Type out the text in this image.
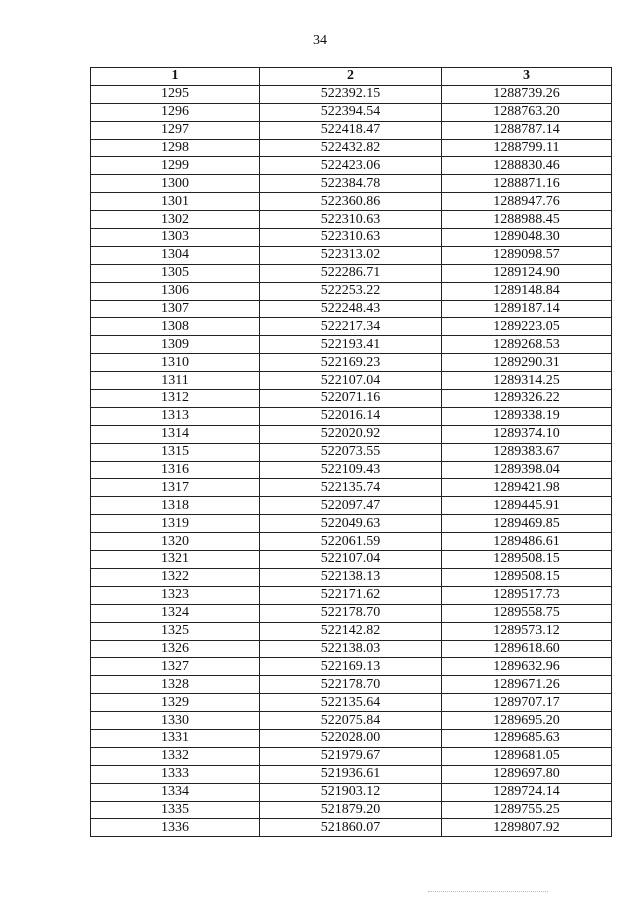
34
1	2	3
1295	522392.15	1288739.26
1296	522394.54	1288763.20
1297	522418.47	1288787.14
1298	522432.82	1288799.11
1299	522423.06	1288830.46
1300	522384.78	1288871.16
1301	522360.86	1288947.76
1302	522310.63	1288988.45
1303	522310.63	1289048.30
1304	522313.02	1289098.57
1305	522286.71	1289124.90
1306	522253.22	1289148.84
1307	522248.43	1289187.14
1308	522217.34	1289223.05
1309	522193.41	1289268.53
1310	522169.23	1289290.31
1311	522107.04	1289314.25
1312	522071.16	1289326.22
1313	522016.14	1289338.19
1314	522020.92	1289374.10
1315	522073.55	1289383.67
1316	522109.43	1289398.04
1317	522135.74	1289421.98
1318	522097.47	1289445.91
1319	522049.63	1289469.85
1320	522061.59	1289486.61
1321	522107.04	1289508.15
1322	522138.13	1289508.15
1323	522171.62	1289517.73
1324	522178.70	1289558.75
1325	522142.82	1289573.12
1326	522138.03	1289618.60
1327	522169.13	1289632.96
1328	522178.70	1289671.26
1329	522135.64	1289707.17
1330	522075.84	1289695.20
1331	522028.00	1289685.63
1332	521979.67	1289681.05
1333	521936.61	1289697.80
1334	521903.12	1289724.14
1335	521879.20	1289755.25
1336	521860.07	1289807.92
